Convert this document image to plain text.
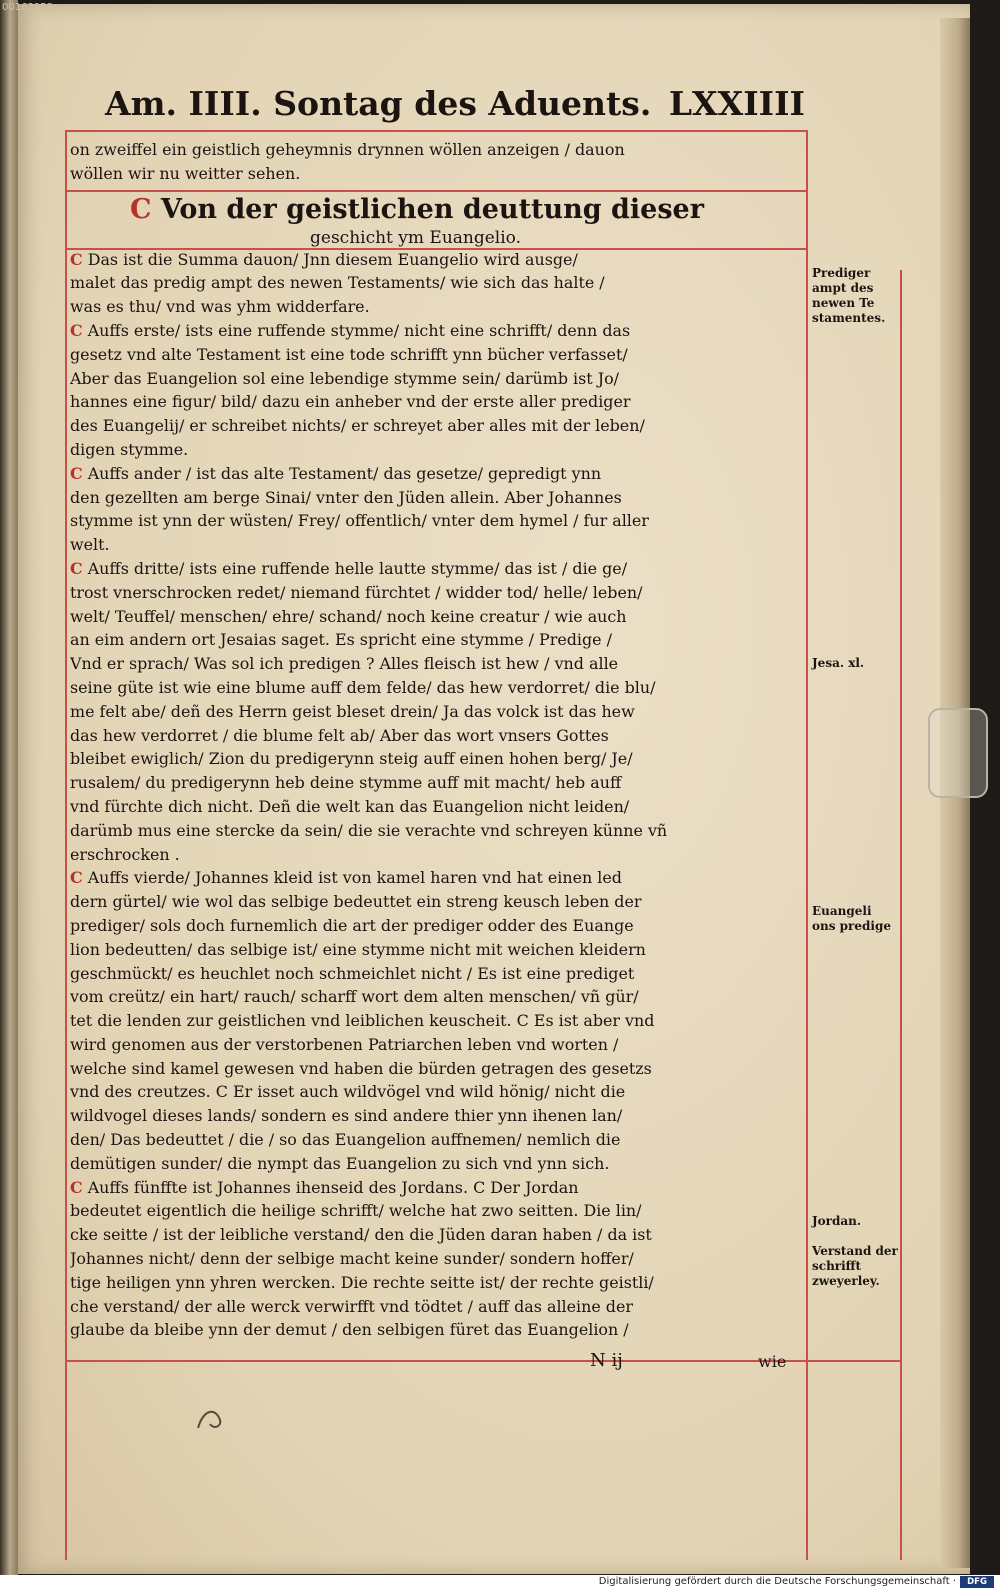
00163958
Am. IIII. Sontag des Aduents. LXXIIII
C Von der geistlichen deuttung dieser
geschicht ym Euangelio.
on zweiffel ein geistlich geheymnis drynnen wöllen anzeigen / dauon
wöllen wir nu weitter sehen.
C Das ist die Summa dauon/ Jnn diesem Euangelio wird ausge/
malet das predig ampt des newen Testaments/ wie sich das halte /
was es thu/ vnd was yhm widderfare.
C Auffs erste/ ists eine ruffende stymme/ nicht eine schrifft/ denn das
gesetz vnd alte Testament ist eine tode schrifft ynn bücher verfasset/
Aber das Euangelion sol eine lebendige stymme sein/ darümb ist Jo/
hannes eine figur/ bild/ dazu ein anheber vnd der erste aller prediger
des Euangelij/ er schreibet nichts/ er schreyet aber alles mit der leben/
digen stymme.
C Auffs ander / ist das alte Testament/ das gesetze/ gepredigt ynn
den gezellten am berge Sinai/ vnter den Jüden allein. Aber Johannes
stymme ist ynn der wüsten/ Frey/ offentlich/ vnter dem hymel / fur aller
welt.
C Auffs dritte/ ists eine ruffende helle lautte stymme/ das ist / die ge/
trost vnerschrocken redet/ niemand fürchtet / widder tod/ helle/ leben/
welt/ Teuffel/ menschen/ ehre/ schand/ noch keine creatur / wie auch
an eim andern ort Jesaias saget. Es spricht eine stymme / Predige /
Vnd er sprach/ Was sol ich predigen ? Alles fleisch ist hew / vnd alle
seine güte ist wie eine blume auff dem felde/ das hew verdorret/ die blu/
me felt abe/ deñ des Herrn geist bleset drein/ Ja das volck ist das hew
das hew verdorret / die blume felt ab/ Aber das wort vnsers Gottes
bleibet ewiglich/ Zion du predigerynn steig auff einen hohen berg/ Je/
rusalem/ du predigerynn heb deine stymme auff mit macht/ heb auff
vnd fürchte dich nicht. Deñ die welt kan das Euangelion nicht leiden/
darümb mus eine stercke da sein/ die sie verachte vnd schreyen künne vñ
erschrocken .
C Auffs vierde/ Johannes kleid ist von kamel haren vnd hat einen led
dern gürtel/ wie wol das selbige bedeuttet ein streng keusch leben der
prediger/ sols doch furnemlich die art der prediger odder des Euange
lion bedeutten/ das selbige ist/ eine stymme nicht mit weichen kleidern
geschmückt/ es heuchlet noch schmeichlet nicht / Es ist eine prediget
vom creütz/ ein hart/ rauch/ scharff wort dem alten menschen/ vñ gür/
tet die lenden zur geistlichen vnd leiblichen keuscheit. C Es ist aber vnd
wird genomen aus der verstorbenen Patriarchen leben vnd worten /
welche sind kamel gewesen vnd haben die bürden getragen des gesetzs
vnd des creutzes. C Er isset auch wildvögel vnd wild hönig/ nicht die
wildvogel dieses lands/ sondern es sind andere thier ynn ihenen lan/
den/ Das bedeuttet / die / so das Euangelion auffnemen/ nemlich die
demütigen sunder/ die nympt das Euangelion zu sich vnd ynn sich.
C Auffs fünffte ist Johannes ihenseid des Jordans. C Der Jordan
bedeutet eigentlich die heilige schrifft/ welche hat zwo seitten. Die lin/
cke seitte / ist der leibliche verstand/ den die Jüden daran haben / da ist
Johannes nicht/ denn der selbige macht keine sunder/ sondern hoffer/
tige heiligen ynn yhren wercken. Die rechte seitte ist/ der rechte geistli/
che verstand/ der alle werck verwirfft vnd tödtet / auff das alleine der
glaube da bleibe ynn der demut / den selbigen füret das Euangelion /
Prediger ampt des newen Te stamentes.
Jesa. xl.
Euangeli ons predige
Jordan.
Verstand der schrifft zweyerley.
N ij	wie
Digitalisierung gefördert durch die Deutsche Forschungsgemeinschaft ·	DFG
